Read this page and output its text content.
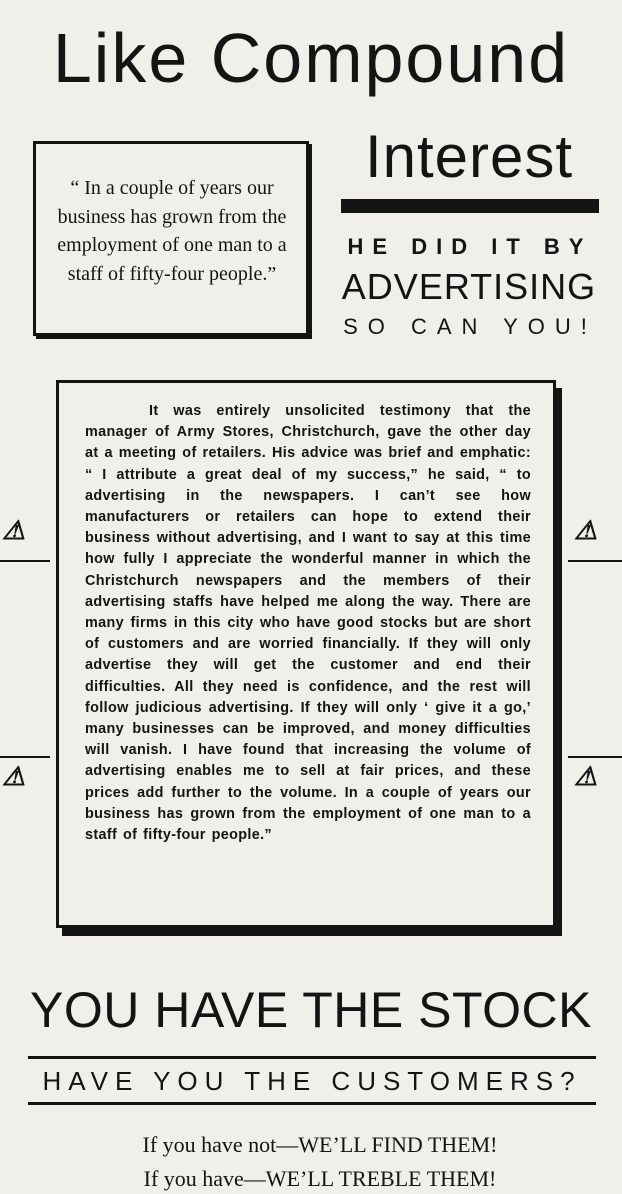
Like Compound
Interest
“ In a couple of years our business has grown from the employment of one man to a staff of fifty-four people.”
HE DID IT BY
ADVERTISING
SO CAN YOU!
⚠	⚠
⚠	⚠

It was entirely unsolicited testimony that the manager of Army Stores, Christchurch, gave the other day at a meeting of retailers. His advice was brief and emphatic: “ I attribute a great deal of my success,” he said, “ to advertising in the newspapers. I can’t see how manufacturers or retailers can hope to extend their business without advertising, and I want to say at this time how fully I appreciate the wonderful manner in which the Christchurch newspapers and the members of their advertising staffs have helped me along the way. There are many firms in this city who have good stocks but are short of customers and are worried financially. If they will only advertise they will get the customer and end their difficulties. All they need is confidence, and the rest will follow judicious advertising. If they will only ‘ give it a go,’ many businesses can be improved, and money difficulties will vanish. I have found that increasing the volume of advertising enables me to sell at fair prices, and these prices add further to the volume. In a couple of years our business has grown from the employment of one man to a staff of fifty-four people.”

YOU HAVE THE STOCK
HAVE YOU THE CUSTOMERS?
If you have not—WE’LL FIND THEM!
If you have—WE’LL TREBLE THEM!
